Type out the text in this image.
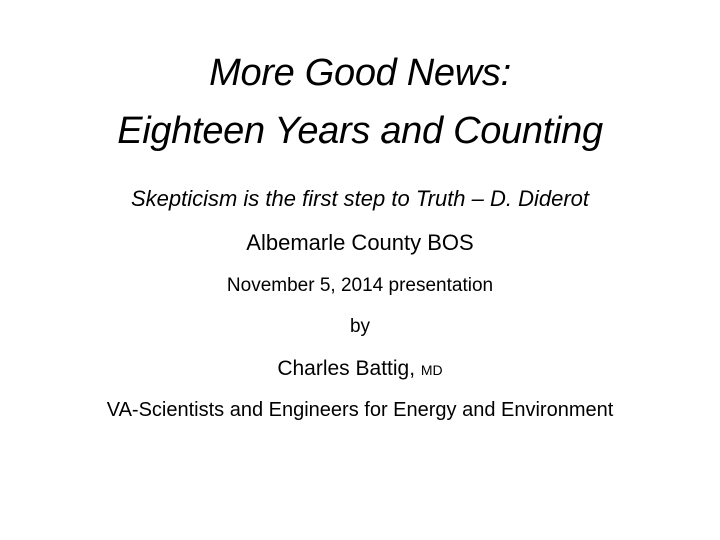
More Good News:
Eighteen Years and Counting
Skepticism is the first step to Truth – D. Diderot
Albemarle County BOS
November 5, 2014 presentation
by
Charles Battig, MD
VA-Scientists and Engineers for Energy and Environment
